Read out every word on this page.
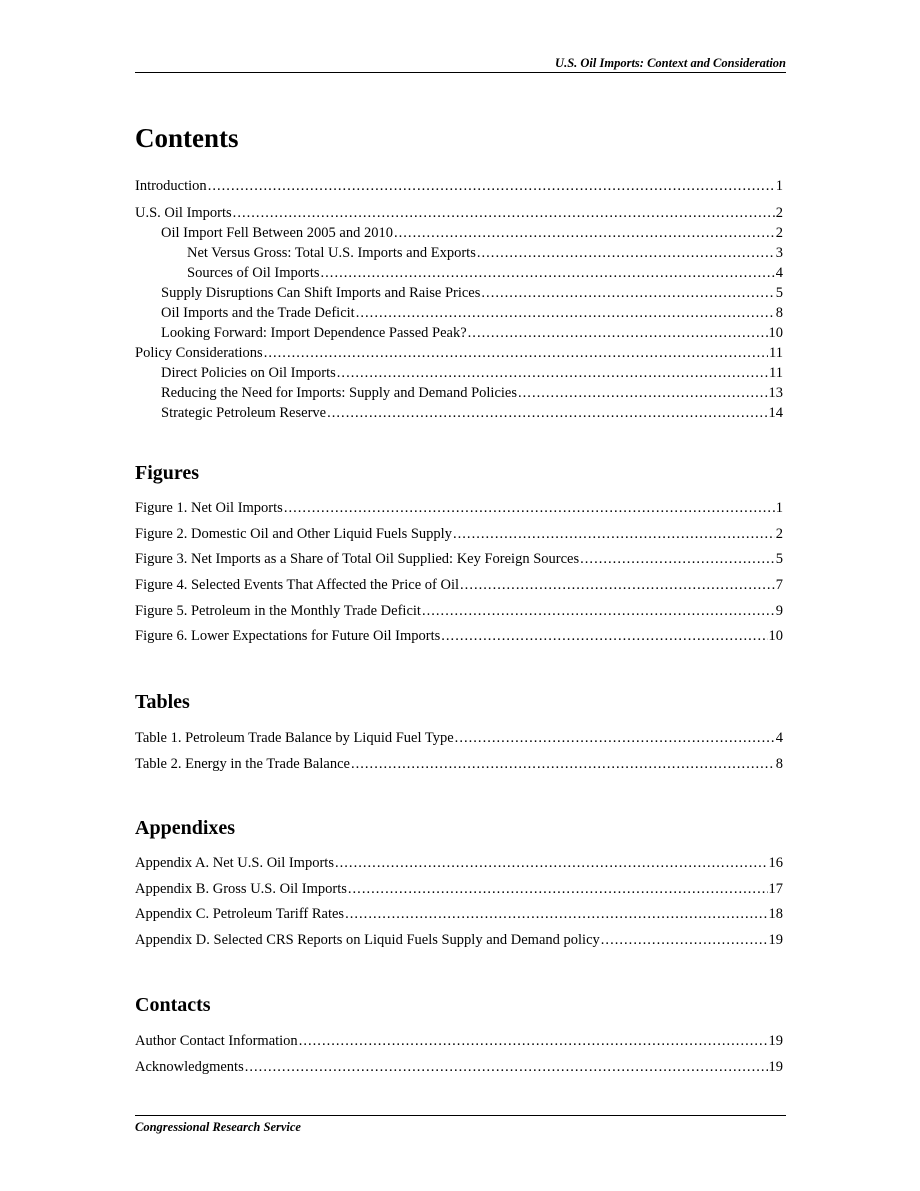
U.S. Oil Imports: Context and Consideration
Contents
Introduction . . .	1
U.S. Oil Imports . . .	2
Oil Import Fell Between 2005 and 2010 . . .	2
Net Versus Gross: Total U.S. Imports and Exports . . .	3
Sources of Oil Imports . . .	4
Supply Disruptions Can Shift Imports and Raise Prices . . .	5
Oil Imports and the Trade Deficit . . .	8
Looking Forward: Import Dependence Passed Peak? . . .	10
Policy Considerations . . .	11
Direct Policies on Oil Imports . . .	11
Reducing the Need for Imports: Supply and Demand Policies . . .	13
Strategic Petroleum Reserve . . .	14
Figures
Figure 1. Net Oil Imports . . .	1
Figure 2. Domestic Oil and Other Liquid Fuels Supply . . .	2
Figure 3. Net Imports as a Share of Total Oil Supplied: Key Foreign Sources . . .	5
Figure 4. Selected Events That Affected the Price of Oil . . .	7
Figure 5. Petroleum in the Monthly Trade Deficit . . .	9
Figure 6. Lower Expectations for Future Oil Imports . . .	10
Tables
Table 1. Petroleum Trade Balance by Liquid Fuel Type . . .	4
Table 2. Energy in the Trade Balance . . .	8
Appendixes
Appendix A. Net U.S. Oil Imports . . .	16
Appendix B. Gross U.S. Oil Imports . . .	17
Appendix C. Petroleum Tariff Rates . . .	18
Appendix D. Selected CRS Reports on Liquid Fuels Supply and Demand policy . . .	19
Contacts
Author Contact Information . . .	19
Acknowledgments . . .	19
Congressional Research Service
